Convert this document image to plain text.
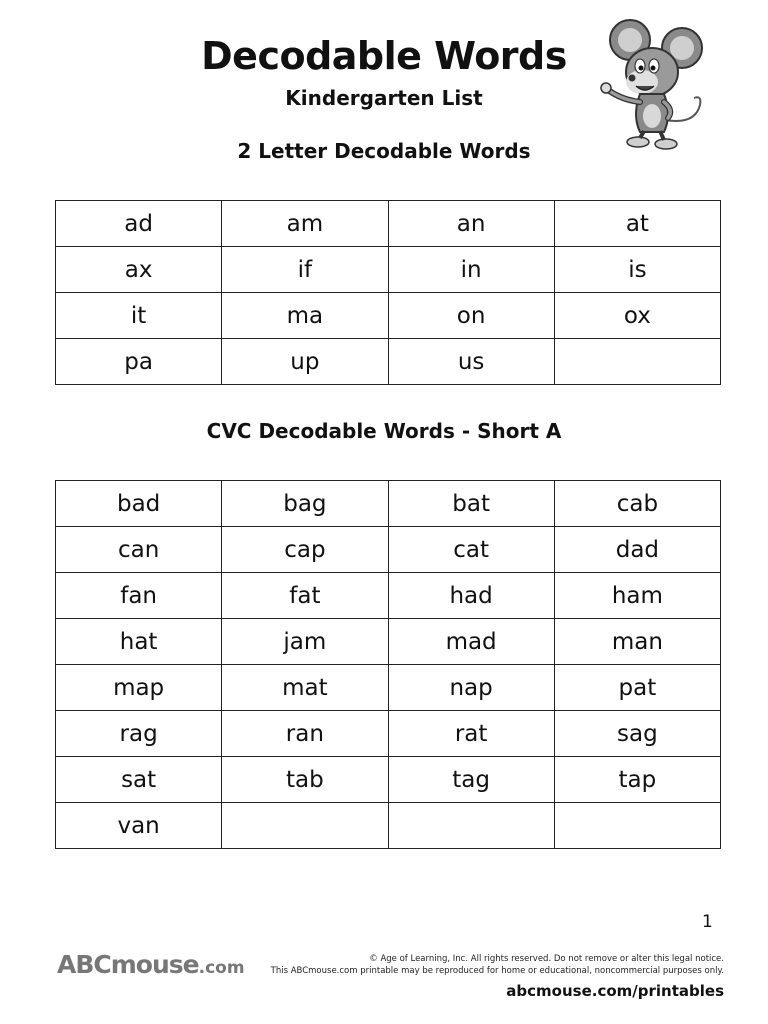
Decodable Words
Kindergarten List
2 Letter Decodable Words
ad	am	an	at
ax	if	in	is
it	ma	on	ox
pa	up	us	
CVC Decodable Words - Short A
bad	bag	bat	cab
can	cap	cat	dad
fan	fat	had	ham
hat	jam	mad	man
map	mat	nap	pat
rag	ran	rat	sag
sat	tab	tag	tap
van			
1
ABCmouse.com	© Age of Learning, Inc. All rights reserved. Do not remove or alter this legal notice.
This ABCmouse.com printable may be reproduced for home or educational, noncommercial purposes only.
abcmouse.com/printables
